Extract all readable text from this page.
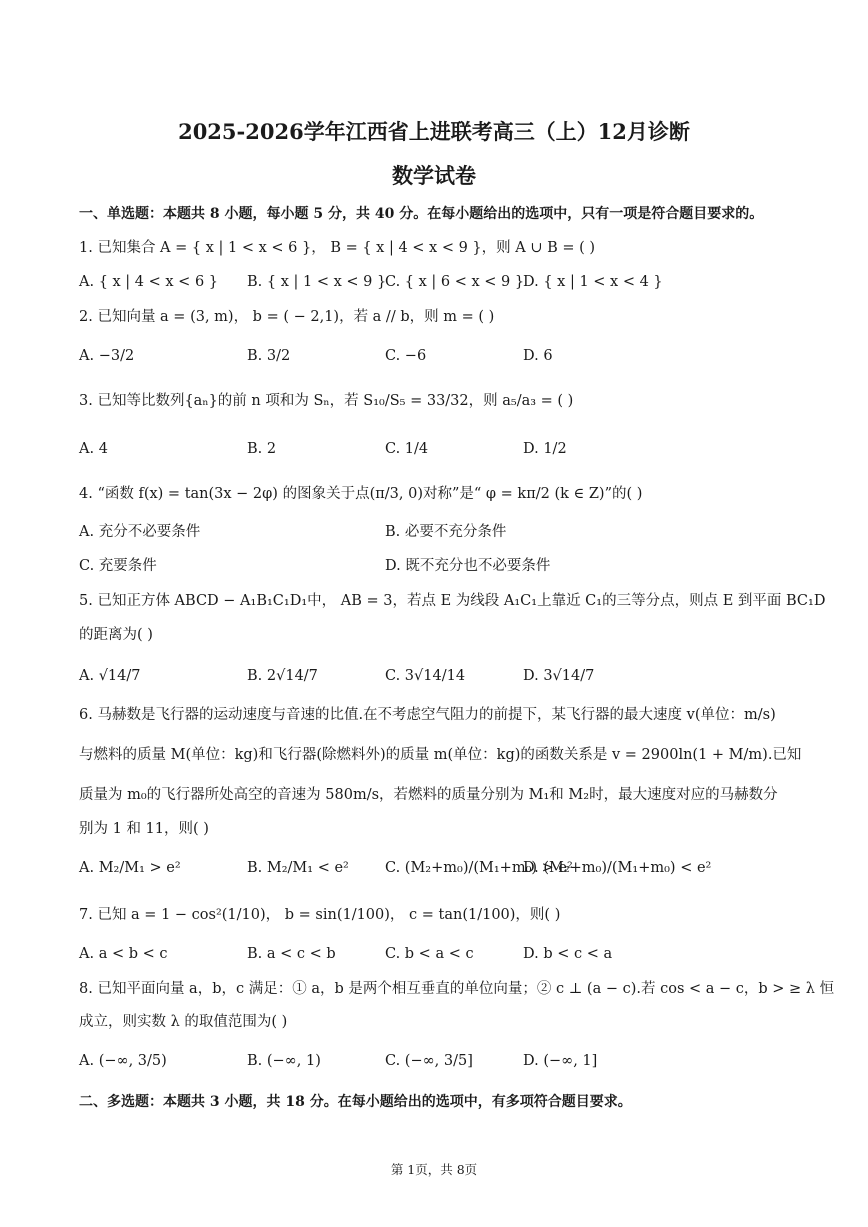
2025-2026学年江西省上进联考高三（上）12月诊断
数学试卷
一、单选题：本题共 8 小题，每小题 5 分，共 40 分。在每小题给出的选项中，只有一项是符合题目要求的。
1. 已知集合 A = { x | 1 < x < 6 }， B = { x | 4 < x < 9 }，则 A ∪ B = ( )
A. { x | 4 < x < 6 } B. { x | 1 < x < 9 }
C. { x | 6 < x < 9 }
D. { x | 1 < x < 4 }
2. 已知向量 a = (3, m)， b = ( − 2,1)，若 a // b，则 m = ( )
A. −3/2	B. 3/2	C. −6	D. 6
3. 已知等比数列{aₙ}的前 n 项和为 Sₙ，若 S₁₀/S₅ = 33/32，则 a₅/a₃ = ( )
A. 4	B. 2	C. 1/4	D. 1/2
4. “函数 f(x) = tan(3x − 2φ) 的图象关于点(π/3, 0)对称”是“ φ = kπ/2 (k ∈ Z)”的( )
A. 充分不必要条件	B. 必要不充分条件
C. 充要条件	D. 既不充分也不必要条件
5. 已知正方体 ABCD − A₁B₁C₁D₁中， AB = 3，若点 E 为线段 A₁C₁上靠近 C₁的三等分点，则点 E 到平面 BC₁D
的距离为( )
A. √14/7	B. 2√14/7	C. 3√14/14	D. 3√14/7
6. 马赫数是飞行器的运动速度与音速的比值.在不考虑空气阻力的前提下，某飞行器的最大速度 v(单位：m/s)
与燃料的质量 M(单位：kg)和飞行器(除燃料外)的质量 m(单位：kg)的函数关系是 v = 2900ln(1 + M/m).已知
质量为 m₀的飞行器所处高空的音速为 580m/s，若燃料的质量分别为 M₁和 M₂时，最大速度对应的马赫数分
别为 1 和 11，则( )
A. M₂/M₁ > e²	B. M₂/M₁ < e² C. (M₂+m₀)/(M₁+m₀) > e²
D. (M₂+m₀)/(M₁+m₀) < e²
7. 已知 a = 1 − cos²(1/10)， b = sin(1/100)， c = tan(1/100)，则( )
A. a < b < c	B. a < c < b	C. b < a < c	D. b < c < a
8. 已知平面向量 a，b，c 满足：① a，b 是两个相互垂直的单位向量；② c ⊥ (a − c).若 cos < a − c，b > ≥ λ 恒
成立，则实数 λ 的取值范围为( )
A. (−∞, 3/5)	B. (−∞, 1)	C. (−∞, 3/5]	D. (−∞, 1]
二、多选题：本题共 3 小题，共 18 分。在每小题给出的选项中，有多项符合题目要求。
第 1页，共 8页
